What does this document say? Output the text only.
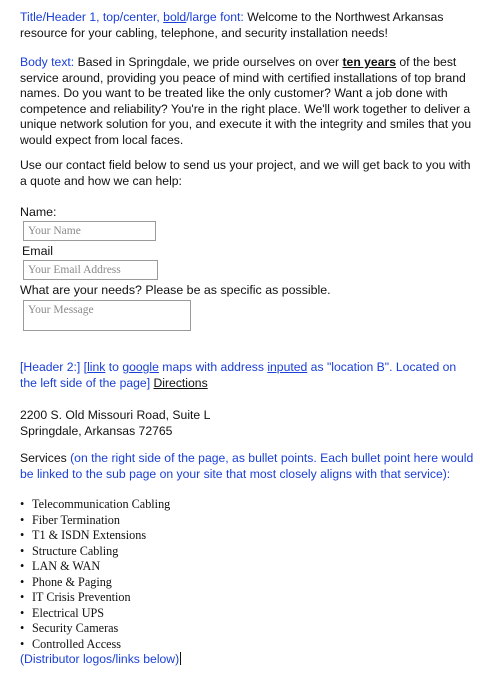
Title/Header 1, top/center, bold/large font: Welcome to the Northwest Arkansas resource for your cabling, telephone, and security installation needs!

Body text: Based in Springdale, we pride ourselves on over ten years of the best service around, providing you peace of mind with certified installations of top brand names. Do you want to be treated like the only customer? Want a job done with competence and reliability? You're in the right place. We'll work together to deliver a unique network solution for you, and execute it with the integrity and smiles that you would expect from local faces.

Use our contact field below to send us your project, and we will get back to you with a quote and how we can help:

Name:
Your Name
Email
Your Email Address
What are your needs? Please be as specific as possible.
Your Message

[Header 2:] [link to google maps with address inputed as "location B". Located on the left side of the page] Directions

2200 S. Old Missouri Road, Suite L
Springdale, Arkansas 72765

Services (on the right side of the page, as bullet points. Each bullet point here would be linked to the sub page on your site that most closely aligns with that service):

• Telecommunication Cabling
• Fiber Termination
• T1 & ISDN Extensions
• Structure Cabling
• LAN & WAN
• Phone & Paging
• IT Crisis Prevention
• Electrical UPS
• Security Cameras
• Controlled Access
(Distributor logos/links below)
